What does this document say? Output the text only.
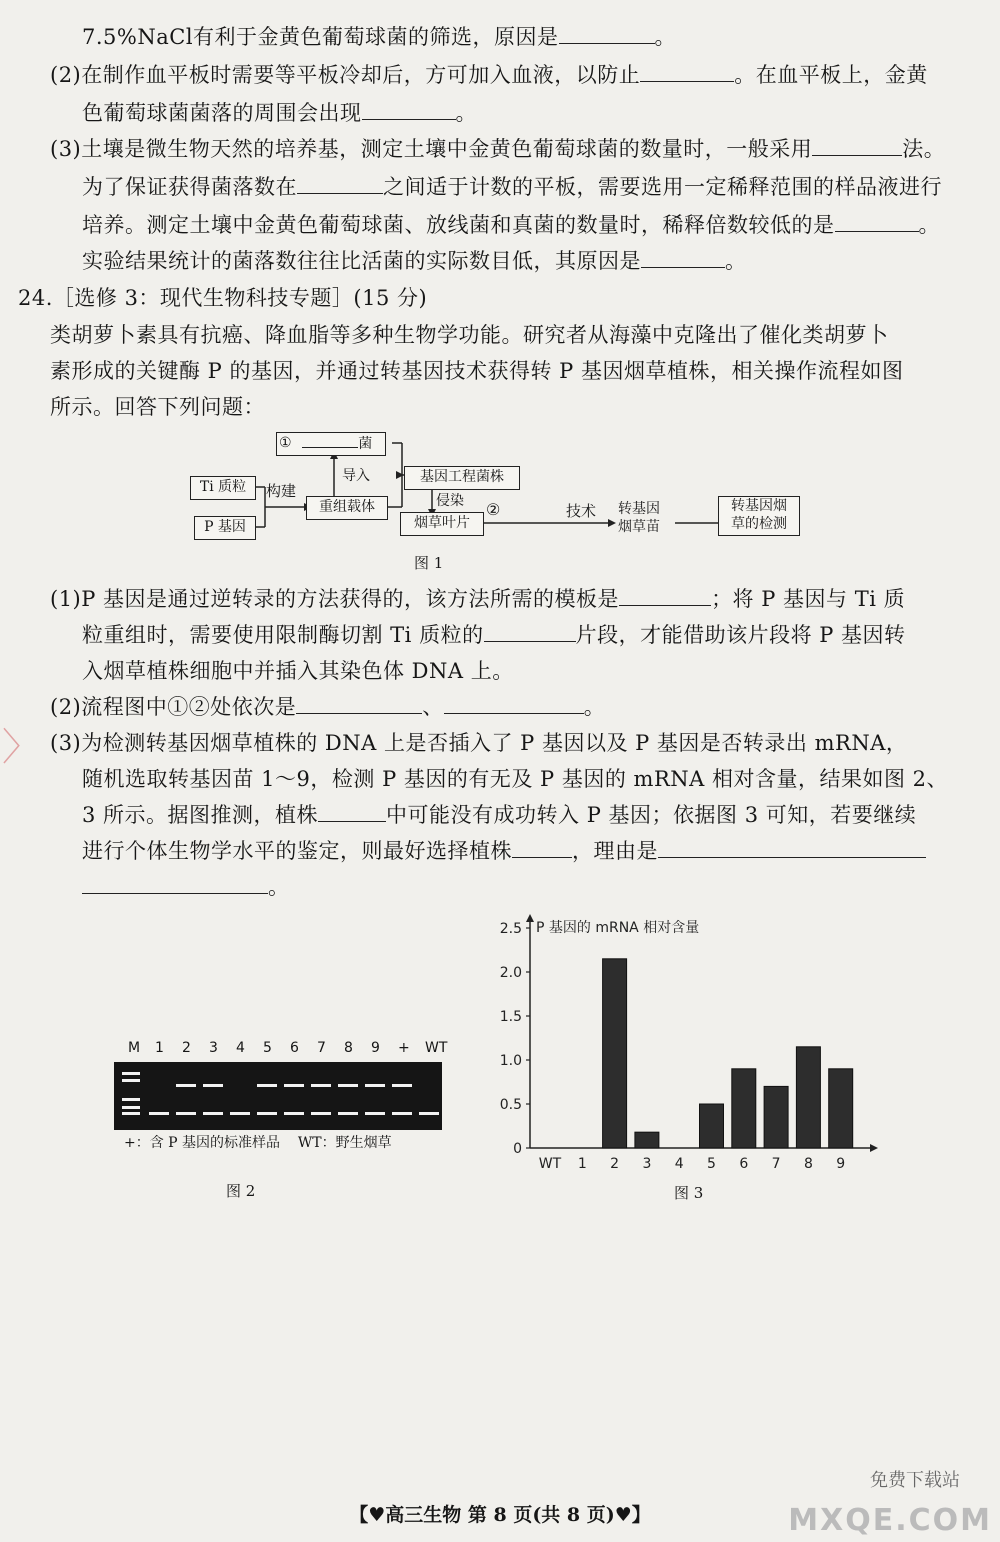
7.5%NaCl有利于金黄色葡萄球菌的筛选，原因是	。
(2)在制作血平板时需要等平板冷却后，方可加入血液，以防止	。在血平板上，金黄
色葡萄球菌菌落的周围会出现	。
(3)土壤是微生物天然的培养基，测定土壤中金黄色葡萄球菌的数量时，一般采用	法。
为了保证获得菌落数在	之间适于计数的平板，需要选用一定稀释范围的样品液进行
培养。测定土壤中金黄色葡萄球菌、放线菌和真菌的数量时，稀释倍数较低的是	。
实验结果统计的菌落数往往比活菌的实际数目低，其原因是	。
24.［选修 3：现代生物科技专题］(15 分)
类胡萝卜素具有抗癌、降血脂等多种生物学功能。研究者从海藻中克隆出了催化类胡萝卜
素形成的关键酶 P 的基因，并通过转基因技术获得转 P 基因烟草植株，相关操作流程如图
所示。回答下列问题：
①	菌
Ti 质粒
P 基因
构建
重组载体
导入	基因工程菌株
侵染
烟草叶片
②	技术 转基因
烟草苗
转基因烟
草的检测
图 1
(1)P 基因是通过逆转录的方法获得的，该方法所需的模板是	；将 P 基因与 Ti 质
粒重组时，需要使用限制酶切割 Ti 质粒的	片段，才能借助该片段将 P 基因转
入烟草植株细胞中并插入其染色体 DNA 上。
(2)流程图中①②处依次是	、	。
〉 (3)为检测转基因烟草植株的 DNA 上是否插入了 P 基因以及 P 基因是否转录出 mRNA，
随机选取转基因苗 1～9，检测 P 基因的有无及 P 基因的 mRNA 相对含量，结果如图 2、
3 所示。据图推测，植株	中可能没有成功转入 P 基因；依据图 3 可知，若要继续
进行个体生物学水平的鉴定，则最好选择植株	，理由是
。
M 1 2 3 4 5 6 7 8 9 + WT
+：含 P 基因的标准样品    WT：野生烟草
图 2
0
0.5
1.0
1.5
2.0
2.5 P 基因的 mRNA 相对含量
WT 1 2 3 4 5 6 7 8 9
图 3
【♥高三生物 第 8 页(共 8 页)♥】
免费下载站
MXQE.COM
